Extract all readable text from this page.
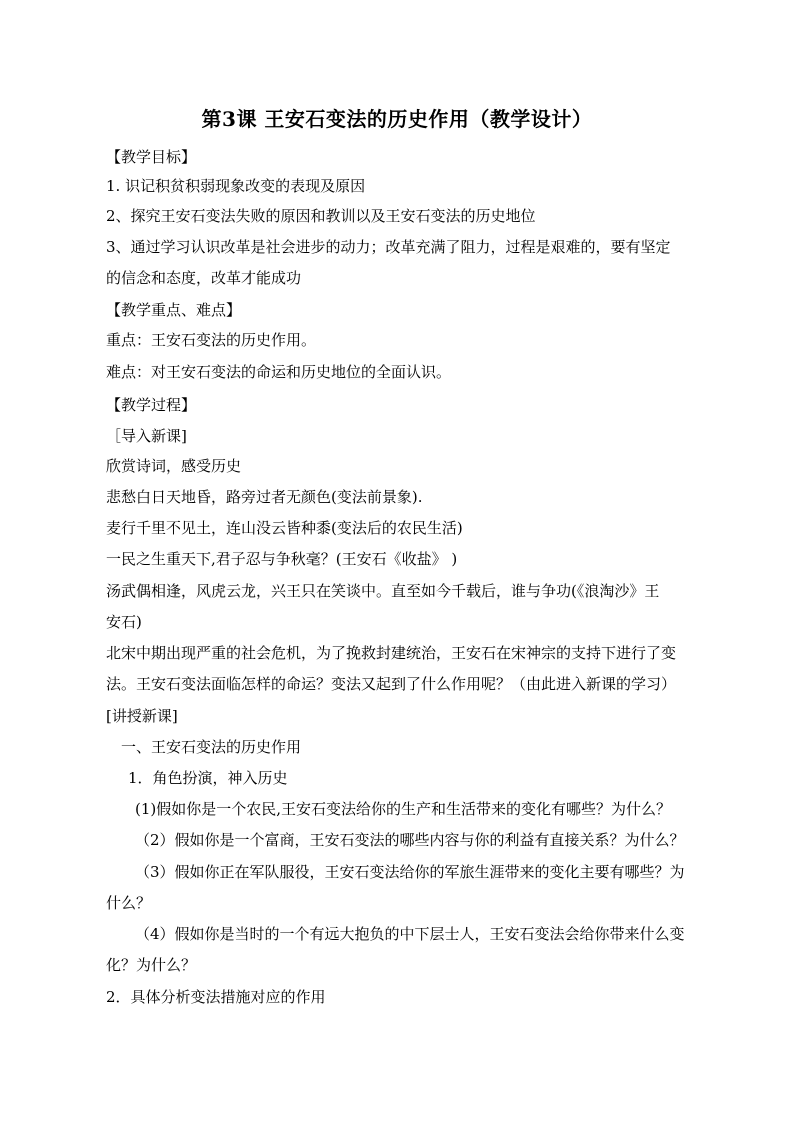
第3课 王安石变法的历史作用（教学设计）
【教学目标】
1. 识记积贫积弱现象改变的表现及原因
2、探究王安石变法失败的原因和教训以及王安石变法的历史地位
3、通过学习认识改革是社会进步的动力；改革充满了阻力，过程是艰难的，要有坚定
的信念和态度，改革才能成功
【教学重点、难点】
重点：王安石变法的历史作用。
难点：对王安石变法的命运和历史地位的全面认识。
【教学过程】
［导入新课]
欣赏诗词，感受历史
悲愁白日天地昏，路旁过者无颜色(变法前景象).
麦行千里不见土，连山没云皆种黍(变法后的农民生活)
一民之生重天下,君子忍与争秋毫？(王安石《收盐》 )
汤武偶相逢，风虎云龙，兴王只在笑谈中。直至如今千载后，谁与争功(《浪淘沙》王
安石)
北宋中期出现严重的社会危机，为了挽救封建统治，王安石在宋神宗的支持下进行了变
法。王安石变法面临怎样的命运？变法又起到了什么作用呢？（由此进入新课的学习）
[讲授新课]
一、王安石变法的历史作用
1．角色扮演，神入历史
(1)假如你是一个农民,王安石变法给你的生产和生活带来的变化有哪些？为什么？
（2）假如你是一个富商，王安石变法的哪些内容与你的利益有直接关系？为什么？
（3）假如你正在军队服役，王安石变法给你的军旅生涯带来的变化主要有哪些？为
什么？
（4）假如你是当时的一个有远大抱负的中下层士人，王安石变法会给你带来什么变
化？为什么？
2．具体分析变法措施对应的作用
